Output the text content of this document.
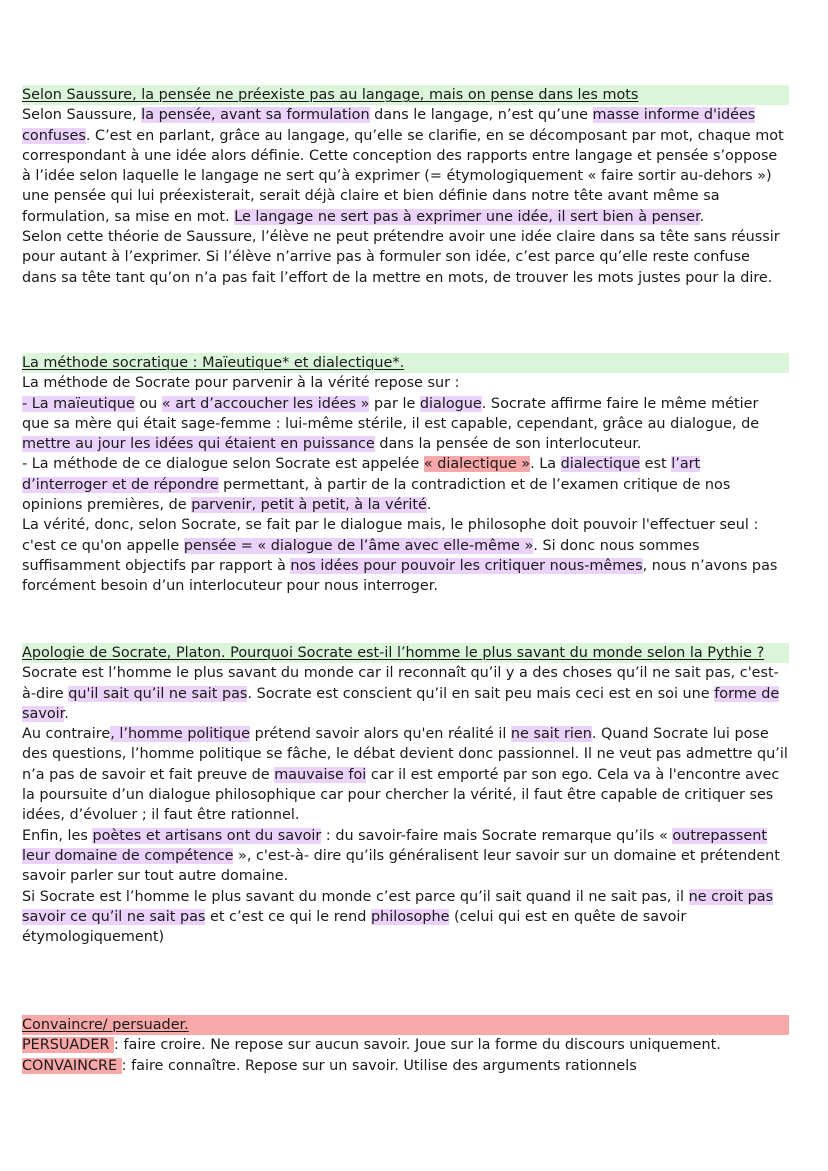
Selon Saussure, la pensée ne préexiste pas au langage, mais on pense dans les mots

Selon Saussure, la pensée, avant sa formulation dans le langage, n’est qu’une masse informe d'idées confuses. C’est en parlant, grâce au langage, qu’elle se clarifie, en se décomposant par mot, chaque mot correspondant à une idée alors définie. Cette conception des rapports entre langage et pensée s’oppose à l’idée selon laquelle le langage ne sert qu’à exprimer (= étymologiquement « faire sortir au-dehors ») une pensée qui lui préexisterait, serait déjà claire et bien définie dans notre tête avant même sa formulation, sa mise en mot. Le langage ne sert pas à exprimer une idée, il sert bien à penser.

Selon cette théorie de Saussure, l’élève ne peut prétendre avoir une idée claire dans sa tête sans réussir pour autant à l’exprimer. Si l’élève n’arrive pas à formuler son idée, c’est parce qu’elle reste confuse dans sa tête tant qu’on n’a pas fait l’effort de la mettre en mots, de trouver les mots justes pour la dire.

La méthode socratique : Maïeutique* et dialectique*.

La méthode de Socrate pour parvenir à la vérité repose sur :

- La maïeutique ou « art d’accoucher les idées » par le dialogue. Socrate affirme faire le même métier que sa mère qui était sage-femme : lui-même stérile, il est capable, cependant, grâce au dialogue, de mettre au jour les idées qui étaient en puissance dans la pensée de son interlocuteur.

- La méthode de ce dialogue selon Socrate est appelée « dialectique ». La dialectique est l’art d’interroger et de répondre permettant, à partir de la contradiction et de l’examen critique de nos opinions premières, de parvenir, petit à petit, à la vérité.

La vérité, donc, selon Socrate, se fait par le dialogue mais, le philosophe doit pouvoir l'effectuer seul : c'est ce qu'on appelle pensée = « dialogue de l’âme avec elle-même ». Si donc nous sommes suffisamment objectifs par rapport à nos idées pour pouvoir les critiquer nous-mêmes, nous n’avons pas forcément besoin d’un interlocuteur pour nous interroger.

Apologie de Socrate, Platon. Pourquoi Socrate est-il l’homme le plus savant du monde selon la Pythie ?

Socrate est l’homme le plus savant du monde car il reconnaît qu’il y a des choses qu’il ne sait pas, c'est-à-dire qu'il sait qu’il ne sait pas. Socrate est conscient qu’il en sait peu mais ceci est en soi une forme de savoir.

Au contraire, l’homme politique prétend savoir alors qu'en réalité il ne sait rien. Quand Socrate lui pose des questions, l’homme politique se fâche, le débat devient donc passionnel. Il ne veut pas admettre qu’il n’a pas de savoir et fait preuve de mauvaise foi car il est emporté par son ego. Cela va à l'encontre avec la poursuite d’un dialogue philosophique car pour chercher la vérité, il faut être capable de critiquer ses idées, d’évoluer ; il faut être rationnel.

Enfin, les poètes et artisans ont du savoir : du savoir-faire mais Socrate remarque qu’ils « outrepassent leur domaine de compétence », c'est-à- dire qu’ils généralisent leur savoir sur un domaine et prétendent savoir parler sur tout autre domaine.

Si Socrate est l’homme le plus savant du monde c’est parce qu’il sait quand il ne sait pas, il ne croit pas savoir ce qu’il ne sait pas et c’est ce qui le rend philosophe (celui qui est en quête de savoir étymologiquement)

Convaincre/ persuader.

PERSUADER : faire croire. Ne repose sur aucun savoir. Joue sur la forme du discours uniquement.

CONVAINCRE : faire connaître. Repose sur un savoir. Utilise des arguments rationnels
